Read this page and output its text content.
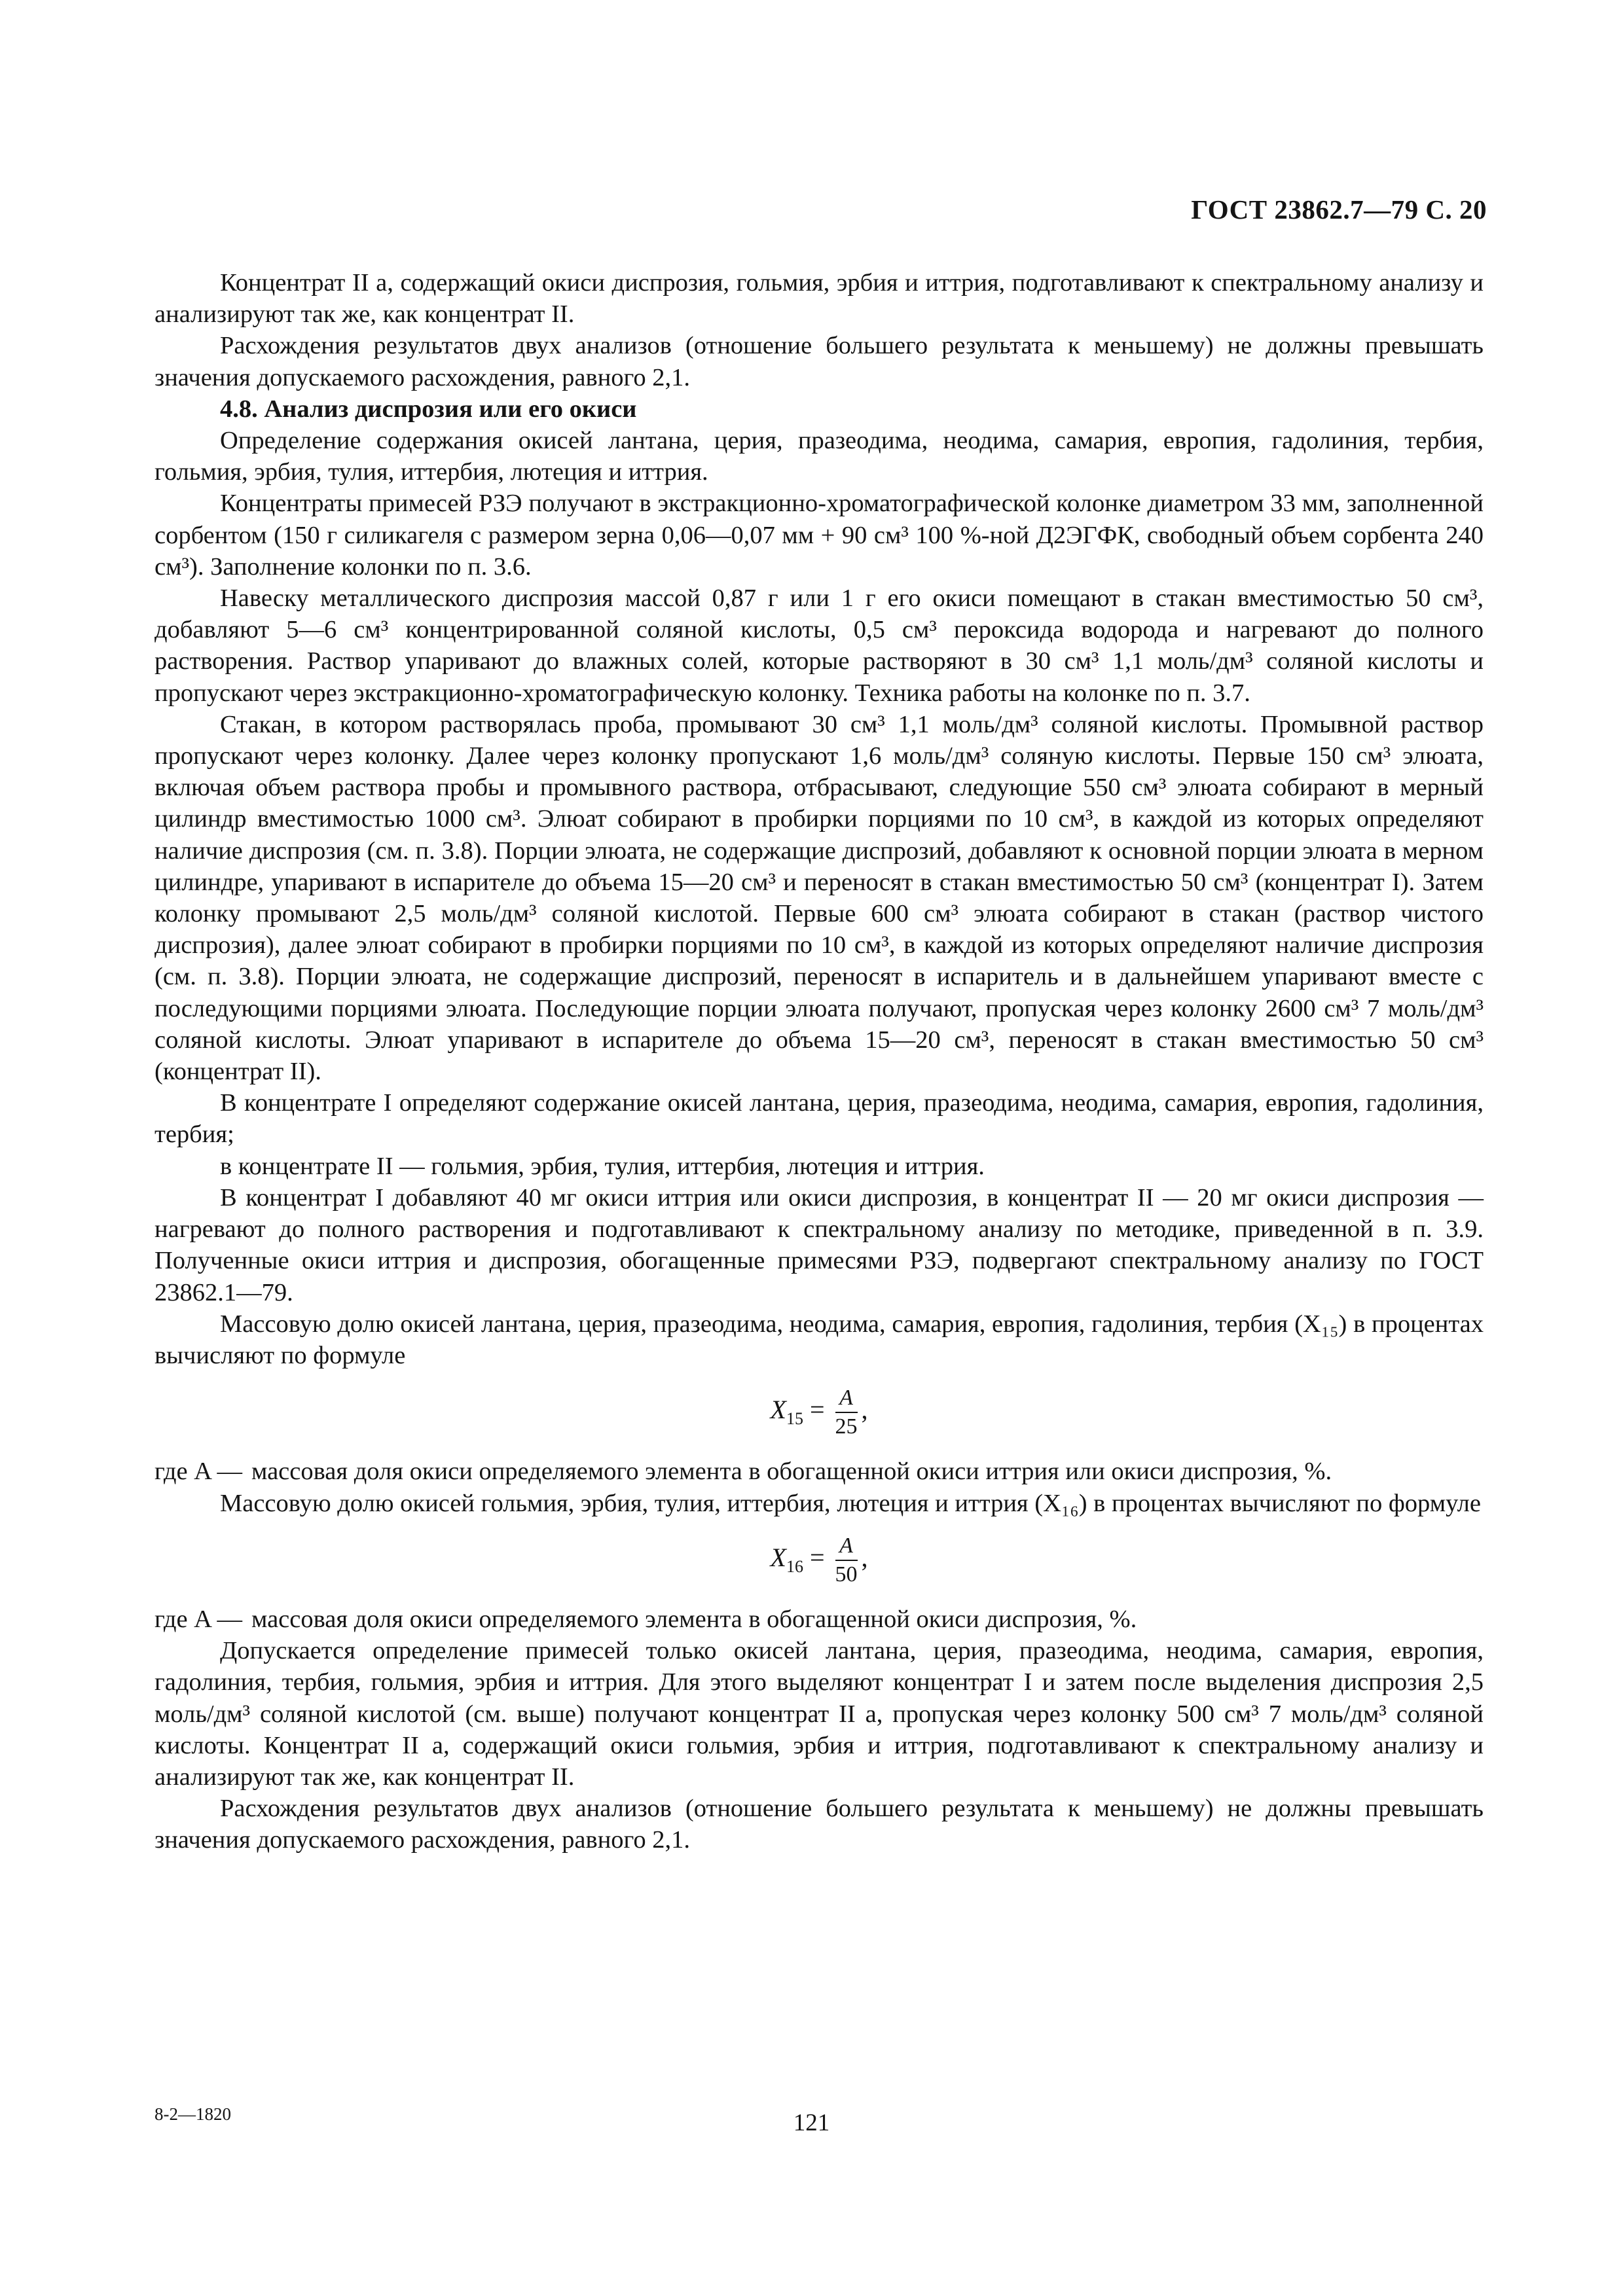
ГОСТ 23862.7—79 С. 20

Концентрат II а, содержащий окиси диспрозия, гольмия, эрбия и иттрия, подготавливают к спектральному анализу и анализируют так же, как концентрат II.

Расхождения результатов двух анализов (отношение большего результата к меньшему) не должны превышать значения допускаемого расхождения, равного 2,1.

4.8. Анализ диспрозия или его окиси

Определение содержания окисей лантана, церия, празеодима, неодима, самария, европия, гадолиния, тербия, гольмия, эрбия, тулия, иттербия, лютеция и иттрия.

Концентраты примесей РЗЭ получают в экстракционно-хроматографической колонке диаметром 33 мм, заполненной сорбентом (150 г силикагеля с размером зерна 0,06—0,07 мм + 90 см³ 100 %-ной Д2ЭГФК, свободный объем сорбента 240 см³). Заполнение колонки по п. 3.6.

Навеску металлического диспрозия массой 0,87 г или 1 г его окиси помещают в стакан вместимостью 50 см³, добавляют 5—6 см³ концентрированной соляной кислоты, 0,5 см³ пероксида водорода и нагревают до полного растворения. Раствор упаривают до влажных солей, которые растворяют в 30 см³ 1,1 моль/дм³ соляной кислоты и пропускают через экстракционно-хроматографическую колонку. Техника работы на колонке по п. 3.7.

Стакан, в котором растворялась проба, промывают 30 см³ 1,1 моль/дм³ соляной кислоты. Промывной раствор пропускают через колонку. Далее через колонку пропускают 1,6 моль/дм³ соляную кислоты. Первые 150 см³ элюата, включая объем раствора пробы и промывного раствора, отбрасывают, следующие 550 см³ элюата собирают в мерный цилиндр вместимостью 1000 см³. Элюат собирают в пробирки порциями по 10 см³, в каждой из которых определяют наличие диспрозия (см. п. 3.8). Порции элюата, не содержащие диспрозий, добавляют к основной порции элюата в мерном цилиндре, упаривают в испарителе до объема 15—20 см³ и переносят в стакан вместимостью 50 см³ (концентрат I). Затем колонку промывают 2,5 моль/дм³ соляной кислотой. Первые 600 см³ элюата собирают в стакан (раствор чистого диспрозия), далее элюат собирают в пробирки порциями по 10 см³, в каждой из которых определяют наличие диспрозия (см. п. 3.8). Порции элюата, не содержащие диспрозий, переносят в испаритель и в дальнейшем упаривают вместе с последующими порциями элюата. Последующие порции элюата получают, пропуская через колонку 2600 см³ 7 моль/дм³ соляной кислоты. Элюат упаривают в испарителе до объема 15—20 см³, переносят в стакан вместимостью 50 см³ (концентрат II).

В концентрате I определяют содержание окисей лантана, церия, празеодима, неодима, самария, европия, гадолиния, тербия;

в концентрате II — гольмия, эрбия, тулия, иттербия, лютеция и иттрия.

В концентрат I добавляют 40 мг окиси иттрия или окиси диспрозия, в концентрат II — 20 мг окиси диспрозия — нагревают до полного растворения и подготавливают к спектральному анализу по методике, приведенной в п. 3.9. Полученные окиси иттрия и диспрозия, обогащенные примесями РЗЭ, подвергают спектральному анализу по ГОСТ 23862.1—79.

Массовую долю окисей лантана, церия, празеодима, неодима, самария, европия, гадолиния, тербия (X₁₅) в процентах вычисляют по формуле

$X_{15} = \frac{A}{25}$ ,
где A — массовая доля окиси определяемого элемента в обогащенной окиси иттрия или окиси диспрозия, %.

Массовую долю окисей гольмия, эрбия, тулия, иттербия, лютеция и иттрия (X₁₆) в процентах вычисляют по формуле

$X_{16} = \frac{A}{50}$ ,
где A — массовая доля окиси определяемого элемента в обогащенной окиси диспрозия, %.

Допускается определение примесей только окисей лантана, церия, празеодима, неодима, самария, европия, гадолиния, тербия, гольмия, эрбия и иттрия. Для этого выделяют концентрат I и затем после выделения диспрозия 2,5 моль/дм³ соляной кислотой (см. выше) получают концентрат II а, пропуская через колонку 500 см³ 7 моль/дм³ соляной кислоты. Концентрат II а, содержащий окиси гольмия, эрбия и иттрия, подготавливают к спектральному анализу и анализируют так же, как концентрат II.

Расхождения результатов двух анализов (отношение большего результата к меньшему) не должны превышать значения допускаемого расхождения, равного 2,1.

8-2—1820	121
